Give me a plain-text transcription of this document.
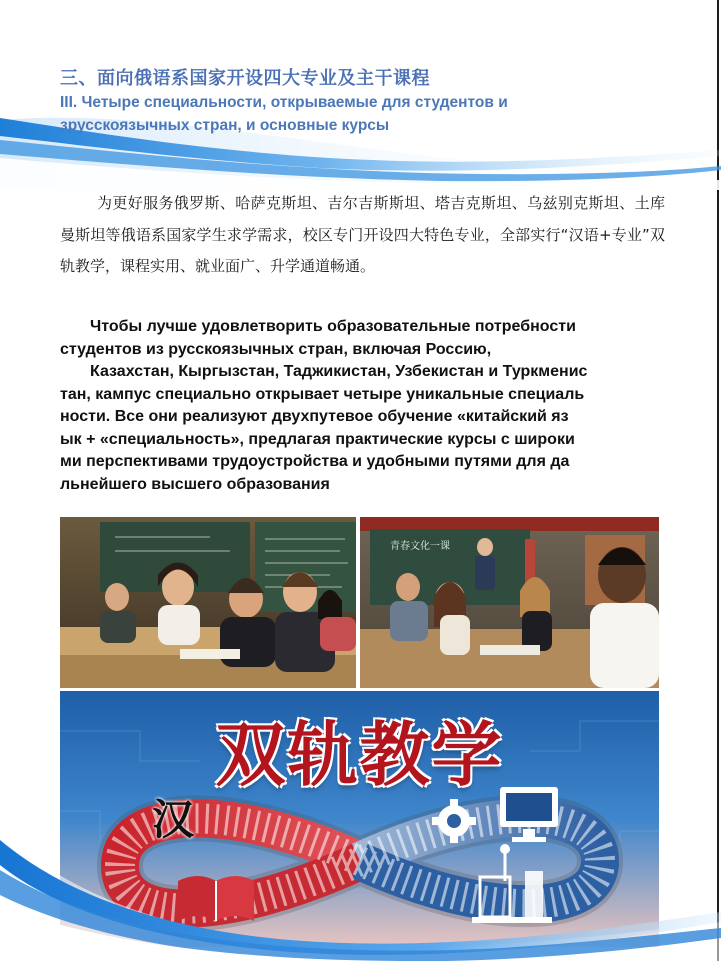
三、面向俄语系国家开设四大专业及主干课程
III. Четыре специальности, открываемые для студентов и
зрусскоязычных стран, и основные курсы

为更好服务俄罗斯、哈萨克斯坦、吉尔吉斯斯坦、塔吉克斯坦、乌兹别克斯坦、土库曼斯坦等俄语系国家学生求学需求，校区专门开设四大特色专业，全部实行“汉语+专业”双轨教学，课程实用、就业面广、升学通道畅通。

Чтобы лучше удовлетворить образовательные потребности
студентов из русскоязычных стран, включая Россию,
Казахстан, Кыргызстан, Таджикистан, Узбекистан и Туркменис
тан, кампус специально открывает четыре уникальные специаль
ности. Все они реализуют двухпутевое обучение «китайский яз
ык + «специальность», предлагая практические курсы с широки
ми перспективами трудоустройства и удобными путями для да
льнейшего высшего образования
青春文化一课
双轨教学
汉
